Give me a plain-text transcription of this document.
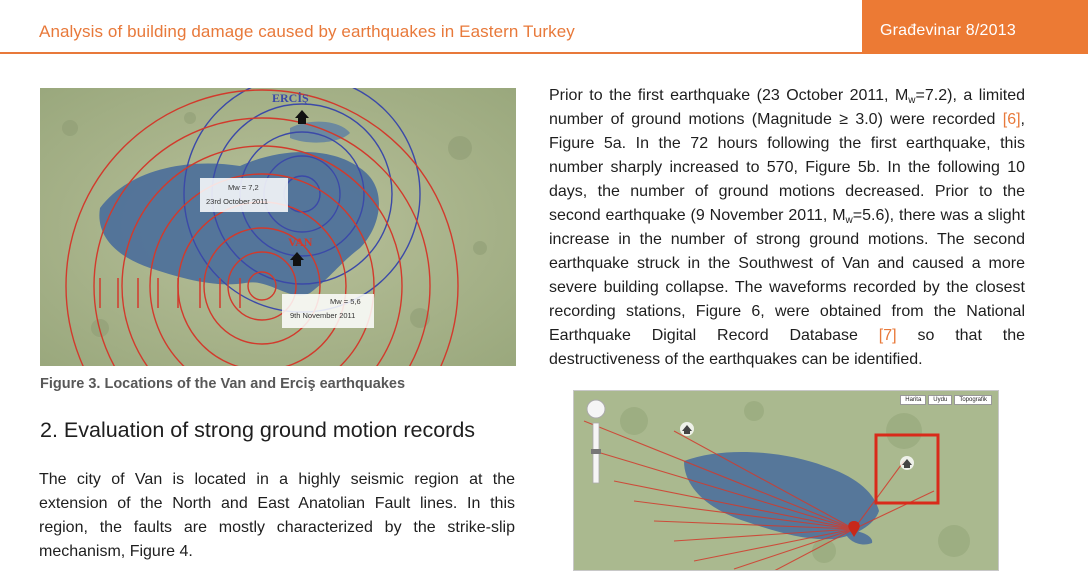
Analysis of building damage caused by earthquakes in Eastern Turkey	Građevinar 8/2013
ERCİŞ
VAN
Mw = 7,2
23rd October 2011
Mw = 5,6
9th November 2011
Figure 3. Locations of the Van and Erciş earthquakes
2. Evaluation of strong ground motion records

The city of Van is located in a highly seismic region at the extension of the North and East Anatolian Fault lines. In this region, the faults are mostly characterized by the strike-slip mechanism, Figure 4.

Prior to the first earthquake (23 October 2011, $M_w=7.2$), a limited number of ground motions (Magnitude ≥ 3.0) were recorded [6], Figure 5a. In the 72 hours following the first earthquake, this number sharply increased to 570, Figure 5b. In the following 10 days, the number of ground motions decreased. Prior to the second earthquake (9 November 2011, $M_w=5.6$), there was a slight increase in the number of strong ground motions. The second earthquake struck in the Southwest of Van and caused a more severe building collapse. The waveforms recorded by the closest recording stations, Figure 6, were obtained from the National Earthquake Digital Record Database [7] so that the destructiveness of the earthquakes can be identified.

Harita	Uydu	Topografik
